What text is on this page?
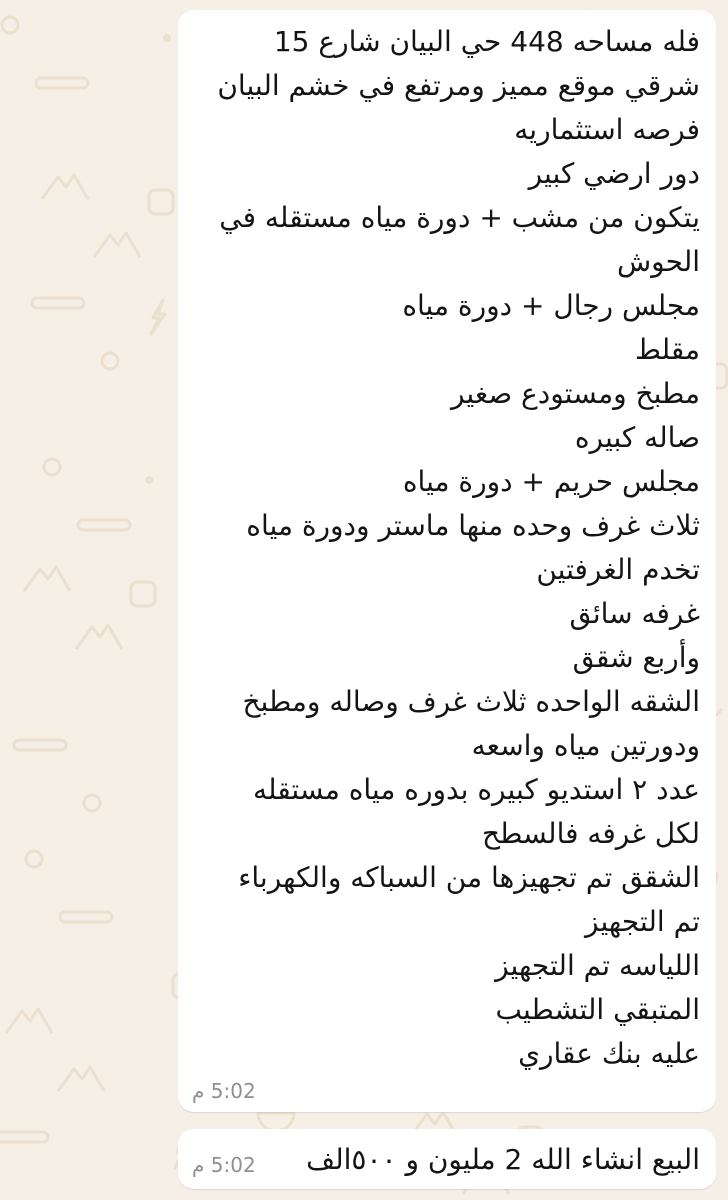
فله مساحه 448 حي البيان شارع 15
شرقي موقع مميز ومرتفع في خشم البيان
فرصه استثماريه
دور ارضي كبير
يتكون من مشب + دورة مياه مستقله في
الحوش
مجلس رجال + دورة مياه
مقلط
مطبخ ومستودع صغير
صاله كبيره
مجلس حريم + دورة مياه
ثلاث غرف وحده منها ماستر ودورة مياه
تخدم الغرفتين
غرفه سائق
وأربع شقق
الشقه الواحده ثلاث غرف وصاله ومطبخ
ودورتين مياه واسعه
عدد ٢ استديو كبيره بدوره مياه مستقله
لكل غرفه فالسطح
الشقق تم تجهيزها من السباكه والكهرباء
تم التجهيز
اللياسه تم التجهيز
المتبقي التشطيب
عليه بنك عقاري
5:02 م
البيع انشاء الله 2 مليون و ٥٠٠الف
5:02 م
